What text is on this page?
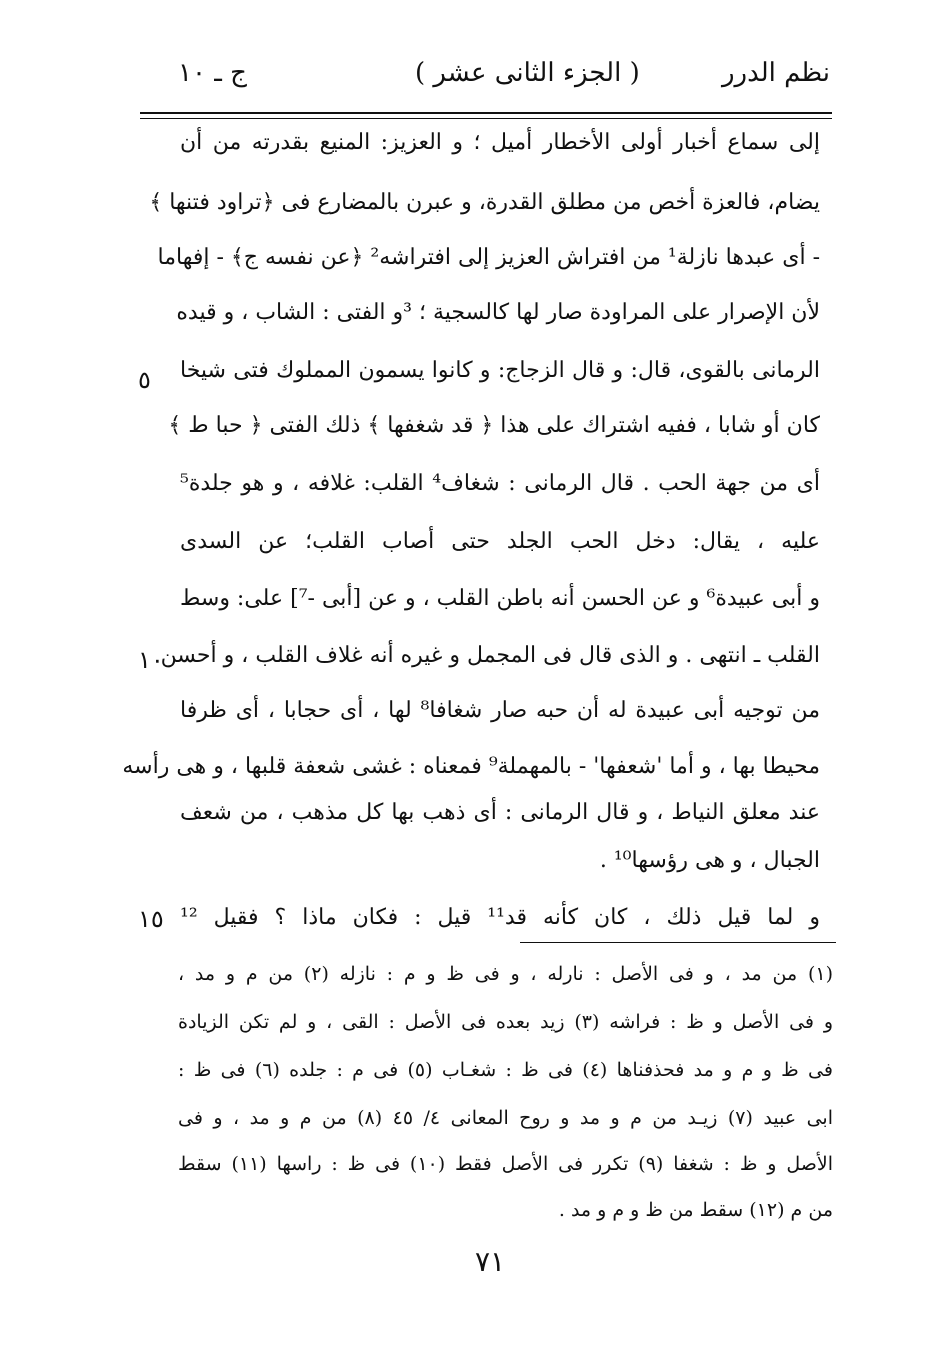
نظم الدرر
( الجزء الثانى عشر )
ج ـ ١٠
إلى سماع أخبار أولى الأخطار أميل ؛ و العزيز: المنيع بقدرته من أن
يضام، فالعزة أخص من مطلق القدرة، و عبرن بالمضارع فى ﴿تراود فتنها ﴾
- أى عبدها نازلة¹ من افتراش العزيز إلى افتراشه² ﴿عن نفسه ج﴾ - إفهاما
لأن الإصرار على المراودة صار لها كالسجية ؛ ³و الفتى : الشاب ، و قيده
الرمانى بالقوى، قال: و قال الزجاج: و كانوا يسمون المملوك فتى شيخا
كان أو شابا ، ففيه اشتراك على هذا ﴿ قد شغفها ﴾ ذلك الفتى ﴿ حبا ط ﴾
أى من جهة الحب . قال الرمانى : شغاف⁴ القلب: غلافه ، و هو جلدة⁵
عليه ، يقال: دخل الحب الجلد حتى أصاب القلب؛ عن السدى
و أبى عبيدة⁶ و عن الحسن أنه باطن القلب ، و عن [أبى -⁷] على: وسط
القلب ـ انتهى . و الذى قال فى المجمل و غيره أنه غلاف القلب ، و أحسن
من توجيه أبى عبيدة له أن حبه صار شغافا⁸ لها ، أى حجابا ، أى ظرفا
محيطا بها ، و أما 'شعفها' - بالمهملة⁹ فمعناه : غشى شعفة قلبها ، و هى رأسه
عند معلق النياط ، و قال الرمانى : أى ذهب بها كل مذهب ، من شعف
الجبال ، و هى رؤسها¹⁰ .
و لما قيل ذلك ، كان كأنه قد¹¹ قيل : فكان ماذا ؟ فقيل ¹²
٥
١٠
١٥
(١) من مد ، و فى الأصل : نارله ، و فى ظ و م : نازله (٢) من م و مد ،
و فى الأصل و ظ : فراشه (٣) زيد بعده فى الأصل : القى ، و لم تكن الزيادة
فى ظ و م و مد فحذفناها (٤) فى ظ : شغـاب (٥) فى م : جلده (٦) فى ظ :
ابى عبيد (٧) زيـد من م و مد و روح المعانى ٤/ ٤٥ (٨) من م و مد ، و فى
الأصل و ظ : شغفا (٩) تكرر فى الأصل فقط (١٠) فى ظ : راسها (١١) سقط
من م (١٢) سقط من ظ و م و مد .
٧١
